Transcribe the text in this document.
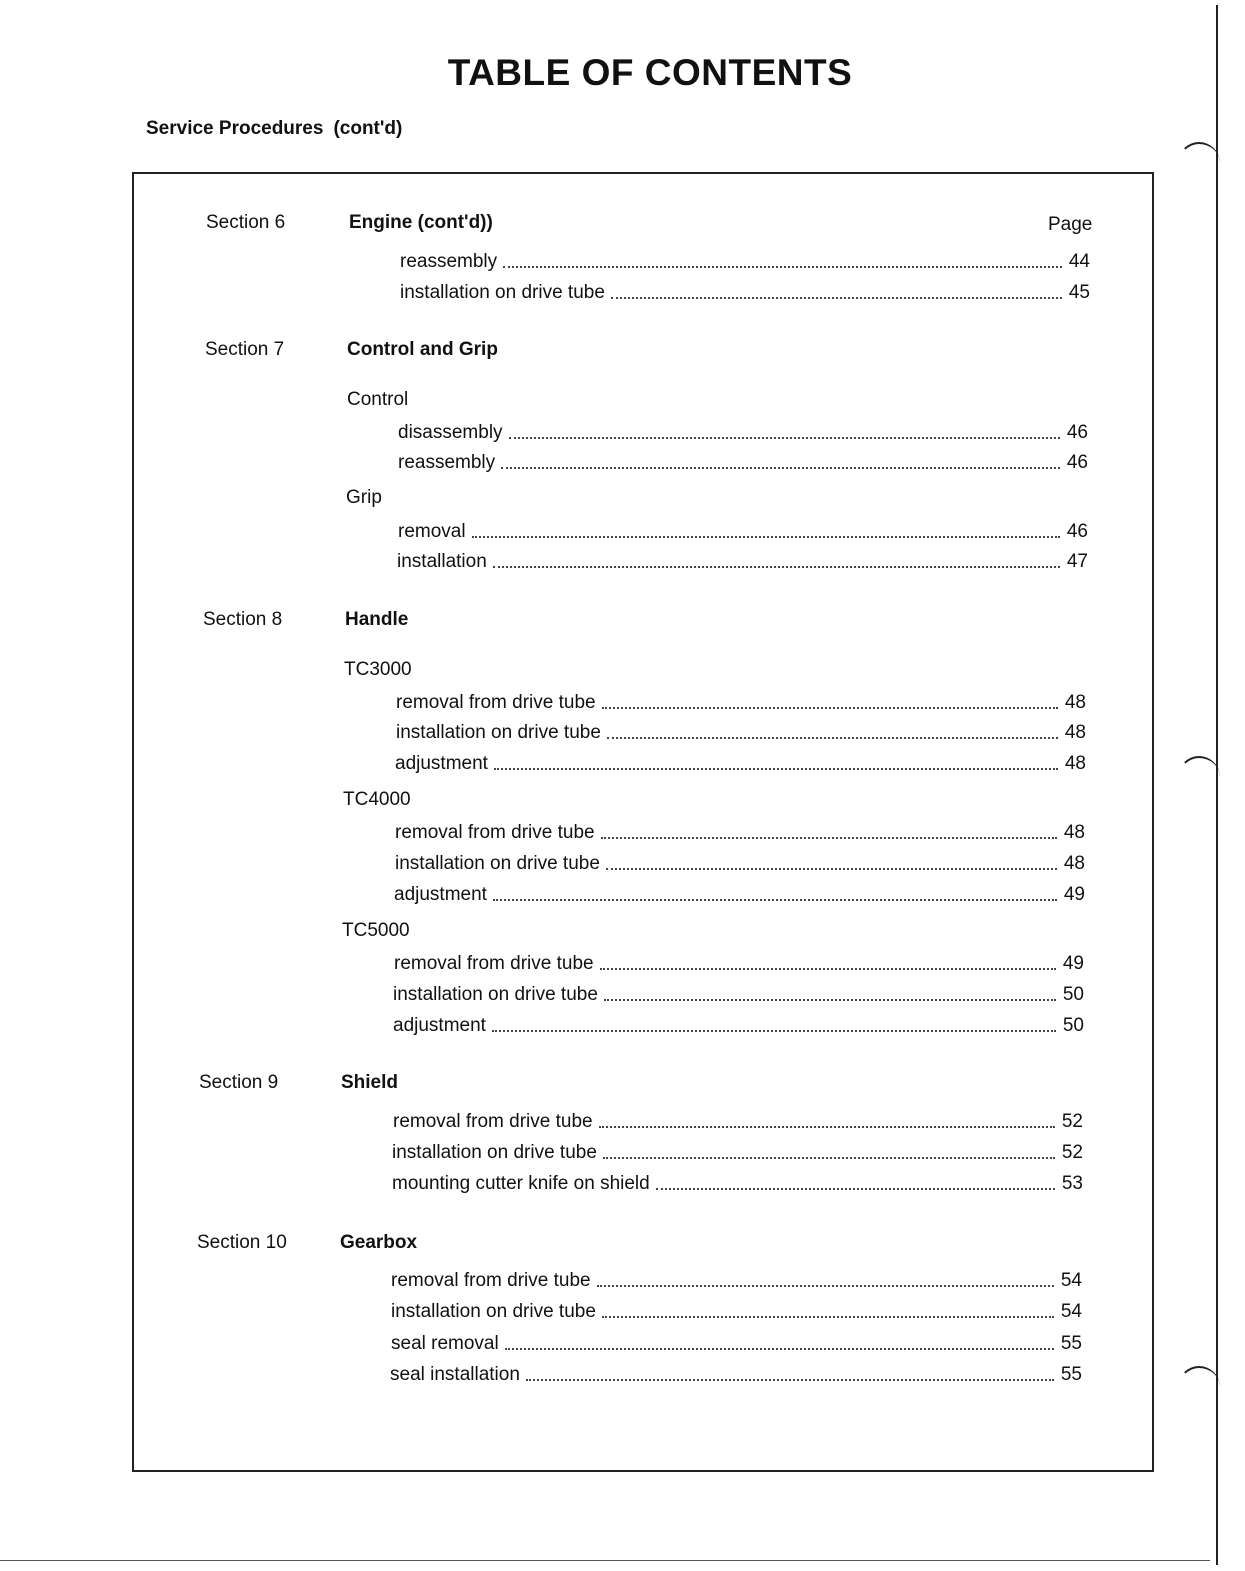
TABLE OF CONTENTS
Service Procedures (cont'd)
Section 6	Engine (cont'd))	Page
reassembly	44
installation on drive tube	45
Section 7	Control and Grip
Control
disassembly	46
reassembly	46
Grip
removal	46
installation	47
Section 8	Handle
TC3000
removal from drive tube	48
installation on drive tube	48
adjustment	48
TC4000
removal from drive tube	48
installation on drive tube	48
adjustment	49
TC5000
removal from drive tube	49
installation on drive tube	50
adjustment	50
Section 9	Shield
removal from drive tube	52
installation on drive tube	52
mounting cutter knife on shield	53
Section 10	Gearbox
removal from drive tube	54
installation on drive tube	54
seal removal	55
seal installation	55
